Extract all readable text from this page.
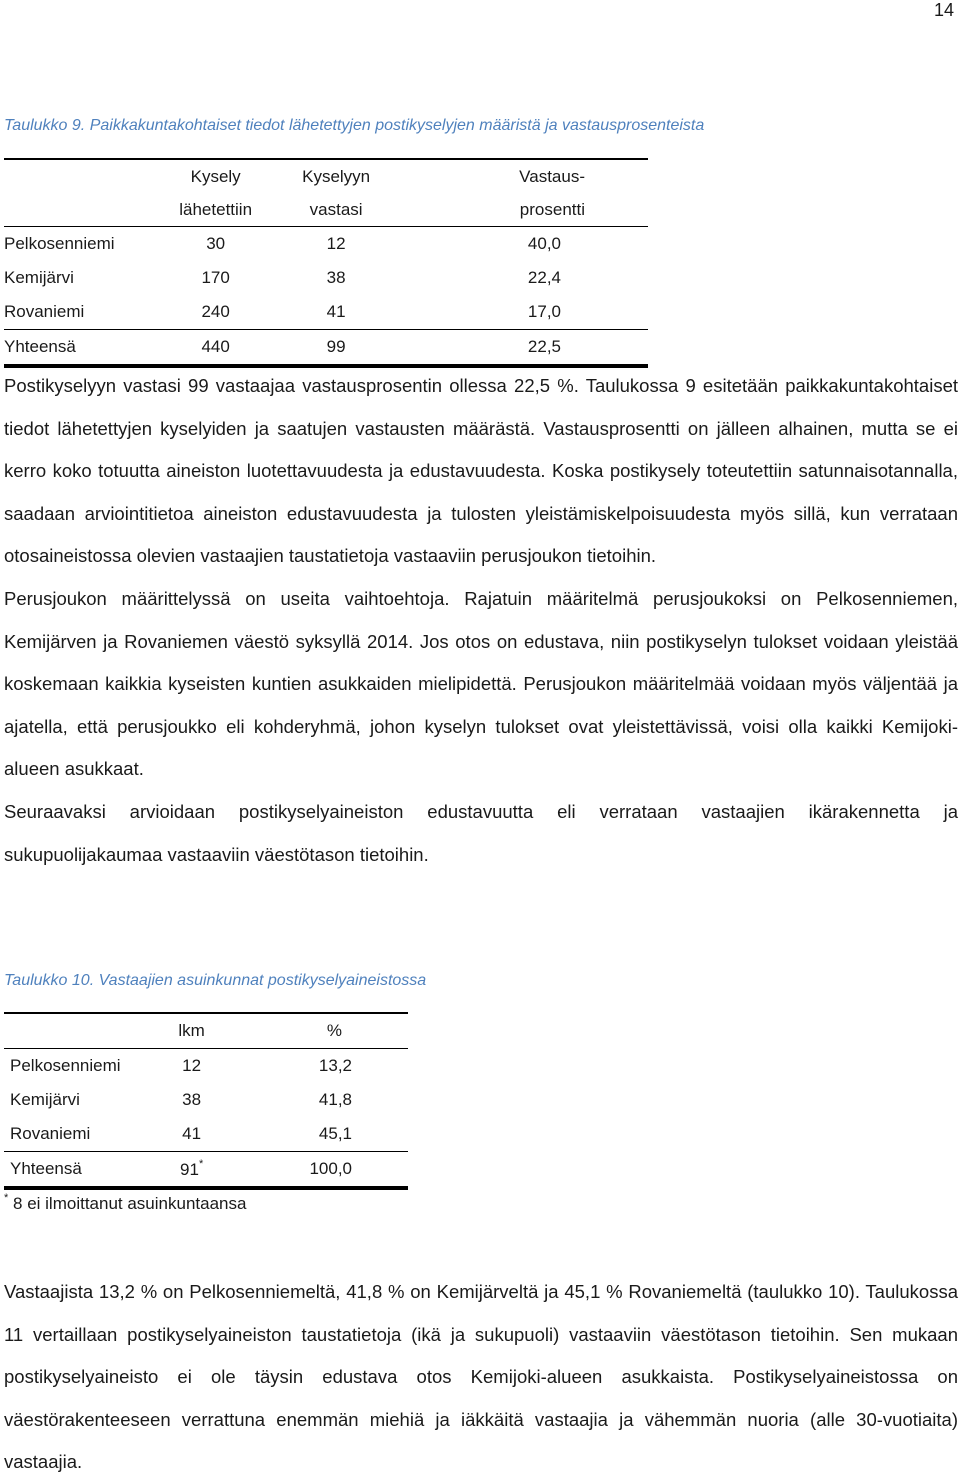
14
Taulukko 9. Paikkakuntakohtaiset tiedot lähetettyjen postikyselyjen määristä ja vastausprosenteista
	Kysely	Kyselyyn	Vastaus-
	lähetettiin	vastasi	prosentti
Pelkosenniemi	30	12	40,0
Kemijärvi	170	38	22,4
Rovaniemi	240	41	17,0
Yhteensä	440	99	22,5

Postikyselyyn vastasi 99 vastaajaa vastausprosentin ollessa 22,5 %. Taulukossa 9 esitetään paikkakuntakohtaiset tiedot lähetettyjen kyselyiden ja saatujen vastausten määrästä. Vastausprosentti on jälleen alhainen, mutta se ei kerro koko totuutta aineiston luotettavuudesta ja edustavuudesta. Koska postikysely toteutettiin satunnaisotannalla, saadaan arviointitietoa aineiston edustavuudesta ja tulosten yleistämiskelpoisuudesta myös sillä, kun verrataan otosaineistossa olevien vastaajien taustatietoja vastaaviin perusjoukon tietoihin.

Perusjoukon määrittelyssä on useita vaihtoehtoja. Rajatuin määritelmä perusjoukoksi on Pelkosenniemen, Kemijärven ja Rovaniemen väestö syksyllä 2014. Jos otos on edustava, niin postikyselyn tulokset voidaan yleistää koskemaan kaikkia kyseisten kuntien asukkaiden mielipidettä. Perusjoukon määritelmää voidaan myös väljentää ja ajatella, että perusjoukko eli kohderyhmä, johon kyselyn tulokset ovat yleistettävissä, voisi olla kaikki Kemijoki-alueen asukkaat.

Seuraavaksi arvioidaan postikyselyaineiston edustavuutta eli verrataan vastaajien ikärakennetta ja sukupuolijakaumaa vastaaviin väestötason tietoihin.

Taulukko 10. Vastaajien asuinkunnat postikyselyaineistossa
	lkm	%
Pelkosenniemi	12	13,2
Kemijärvi	38	41,8
Rovaniemi	41	45,1
Yhteensä	91*	100,0
* 8 ei ilmoittanut asuinkuntaansa

Vastaajista 13,2 % on Pelkosenniemeltä, 41,8 % on Kemijärveltä ja 45,1 % Rovaniemeltä (taulukko 10). Taulukossa 11 vertaillaan postikyselyaineiston taustatietoja (ikä ja sukupuoli) vastaaviin väestötason tietoihin. Sen mukaan postikyselyaineisto ei ole täysin edustava otos Kemijoki-alueen asukkaista. Postikyselyaineistossa on väestörakenteeseen verrattuna enemmän miehiä ja iäkkäitä vastaajia ja vähemmän nuoria (alle 30-vuotiaita) vastaajia.
